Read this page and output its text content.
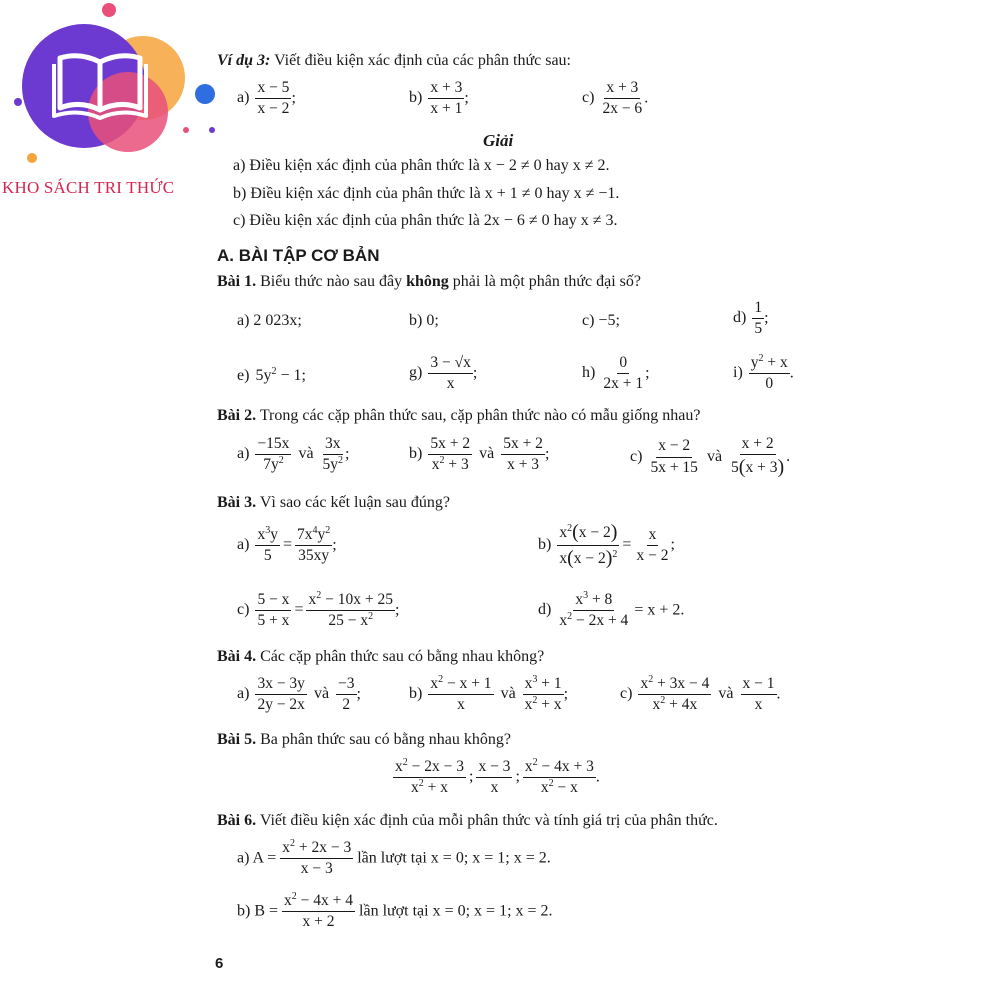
KHO SÁCH TRI THỨC
Ví dụ 3: Viết điều kiện xác định của các phân thức sau:
$a) \frac{x - 5}{x - 2}$ ;	$b) \frac{x + 3}{x + 1}$ ;	$c) \frac{x + 3}{2x - 6}$ .
Giải
a) Điều kiện xác định của phân thức là x − 2 ≠ 0 hay x ≠ 2.
b) Điều kiện xác định của phân thức là x + 1 ≠ 0 hay x ≠ −1.
c) Điều kiện xác định của phân thức là 2x − 6 ≠ 0 hay x ≠ 3.
A. BÀI TẬP CƠ BẢN
Bài 1. Biểu thức nào sau đây không phải là một phân thức đại số?
a) 2 023x;	b) 0;	c) −5;	$d) \frac{1}{5}$ ;
e) $5y^2 - 1$;	$g) \frac{3 - √x}{x}$ ;	$h) \frac{0}{2x + 1}$ ;	$i) \frac{y^2 + x}{0}$ .
Bài 2. Trong các cặp phân thức sau, cặp phân thức nào có mẫu giống nhau?
$a) \frac{-15x}{7y^2}$ và $\frac{3x}{5y^2}$ ;	$b) \frac{5x + 2}{x^2 + 3}$ và $\frac{5x + 2}{x + 3}$ ;	$c) \frac{x - 2}{5x + 15}$ và $\frac{x + 2}{5(x + 3)}$ .
Bài 3. Vì sao các kết luận sau đúng?
$a) \frac{x^3y}{5} = \frac{7x^4y^2}{35xy}$ ;	$b) \frac{x^2(x - 2)}{x(x - 2)^2} = \frac{x}{x - 2}$ ;
$c) \frac{5 - x}{5 + x} = \frac{x^2 - 10x + 25}{25 - x^2}$ ;	$d) \frac{x^3 + 8}{x^2 - 2x + 4} = x + 2$.
Bài 4. Các cặp phân thức sau có bằng nhau không?
$a) \frac{3x - 3y}{2y - 2x}$ và $\frac{-3}{2}$ ;	$b) \frac{x^2 - x + 1}{x}$ và $\frac{x^3 + 1}{x^2 + x}$ ;	$c) \frac{x^2 + 3x - 4}{x^2 + 4x}$ và $\frac{x - 1}{x}$ .
Bài 5. Ba phân thức sau có bằng nhau không?
$\frac{x^2 - 2x - 3}{x^2 + x}$ ; $\frac{x - 3}{x}$ ; $\frac{x^2 - 4x + 3}{x^2 - x}$ .
Bài 6. Viết điều kiện xác định của mỗi phân thức và tính giá trị của phân thức.
a) $A = \frac{x^2 + 2x - 3}{x - 3}$ lần lượt tại x = 0; x = 1; x = 2.
b) $B = \frac{x^2 - 4x + 4}{x + 2}$ lần lượt tại x = 0; x = 1; x = 2.
6
